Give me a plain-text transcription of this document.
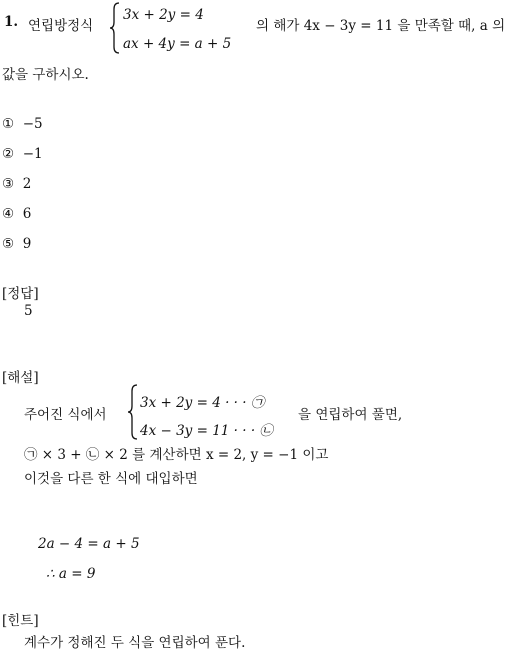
1. 연립방정식
3x + 2y = 4
ax + 4y = a + 5
의 해가 4x − 3y = 11 을 만족할 때, a 의
값을 구하시오.
① −5
② −1
③ 2
④ 6
⑤ 9
[정답]
5
[해설]
주어진 식에서
3x + 2y = 4 · · · ㉠
4x − 3y = 11 · · · ㉡
을 연립하여 풀면,
㉠ × 3 + ㉡ × 2 를 계산하면 x = 2, y = −1 이고
이것을 다른 한 식에 대입하면
2a − 4 = a + 5
∴ a = 9
[힌트]
계수가 정해진 두 식을 연립하여 푼다.
